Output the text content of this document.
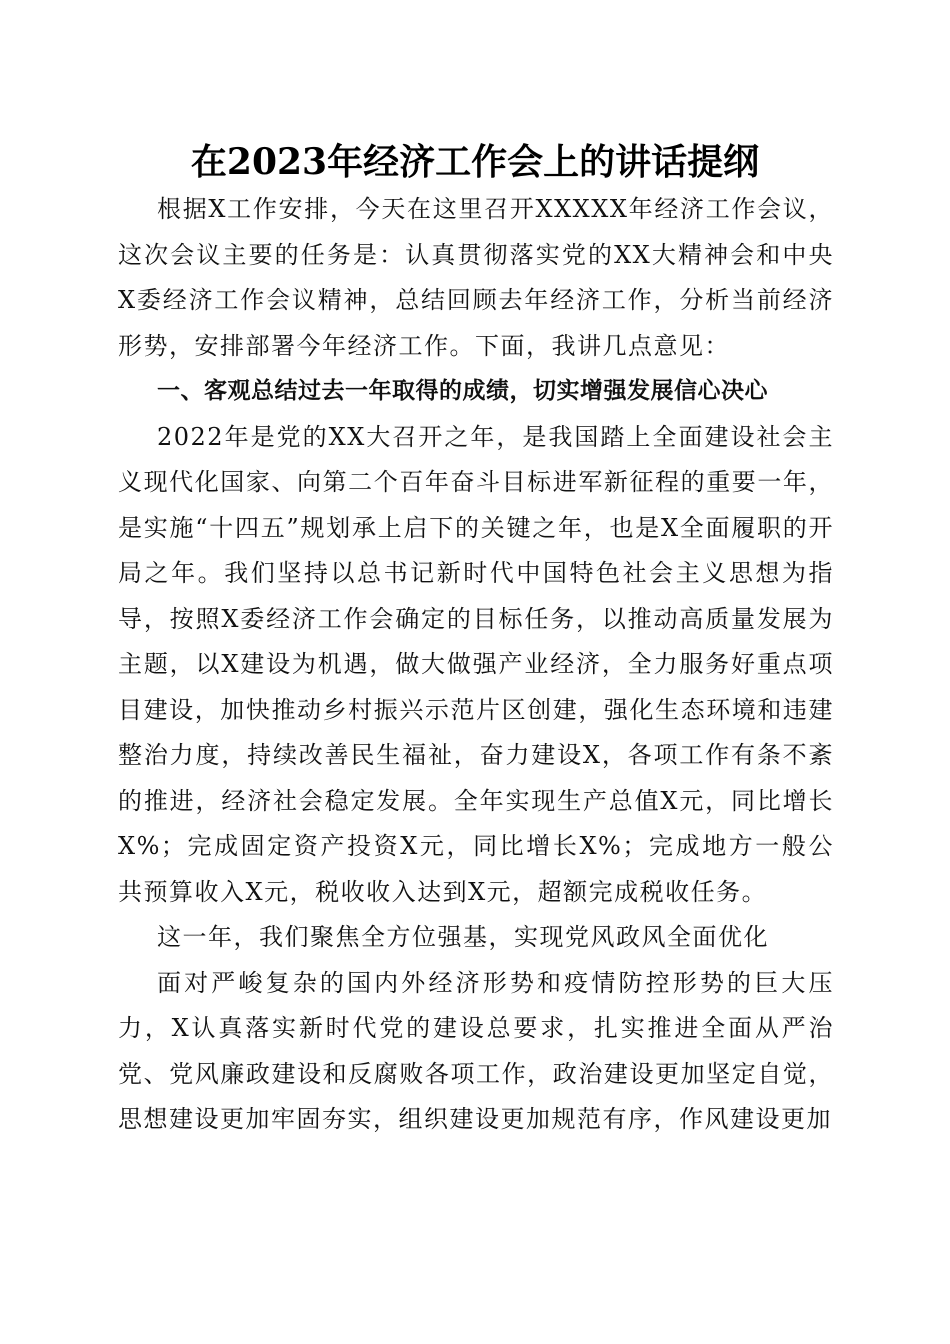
在2023年经济工作会上的讲话提纲

根据X工作安排，今天在这里召开XXXXX年经济工作会议，这次会议主要的任务是：认真贯彻落实党的XX大精神会和中央X委经济工作会议精神，总结回顾去年经济工作，分析当前经济形势，安排部署今年经济工作。下面，我讲几点意见：

一、客观总结过去一年取得的成绩，切实增强发展信心决心

2022年是党的XX大召开之年，是我国踏上全面建设社会主义现代化国家、向第二个百年奋斗目标进军新征程的重要一年，是实施“十四五”规划承上启下的关键之年，也是X全面履职的开局之年。我们坚持以总书记新时代中国特色社会主义思想为指导，按照X委经济工作会确定的目标任务，以推动高质量发展为主题，以X建设为机遇，做大做强产业经济，全力服务好重点项目建设，加快推动乡村振兴示范片区创建，强化生态环境和违建整治力度，持续改善民生福祉，奋力建设X，各项工作有条不紊的推进，经济社会稳定发展。全年实现生产总值X元，同比增长X%；完成固定资产投资X元，同比增长X%；完成地方一般公共预算收入X元，税收收入达到X元，超额完成税收任务。

这一年，我们聚焦全方位强基，实现党风政风全面优化

面对严峻复杂的国内外经济形势和疫情防控形势的巨大压力，X认真落实新时代党的建设总要求，扎实推进全面从严治党、党风廉政建设和反腐败各项工作，政治建设更加坚定自觉，思想建设更加牢固夯实，组织建设更加规范有序，作风建设更加
